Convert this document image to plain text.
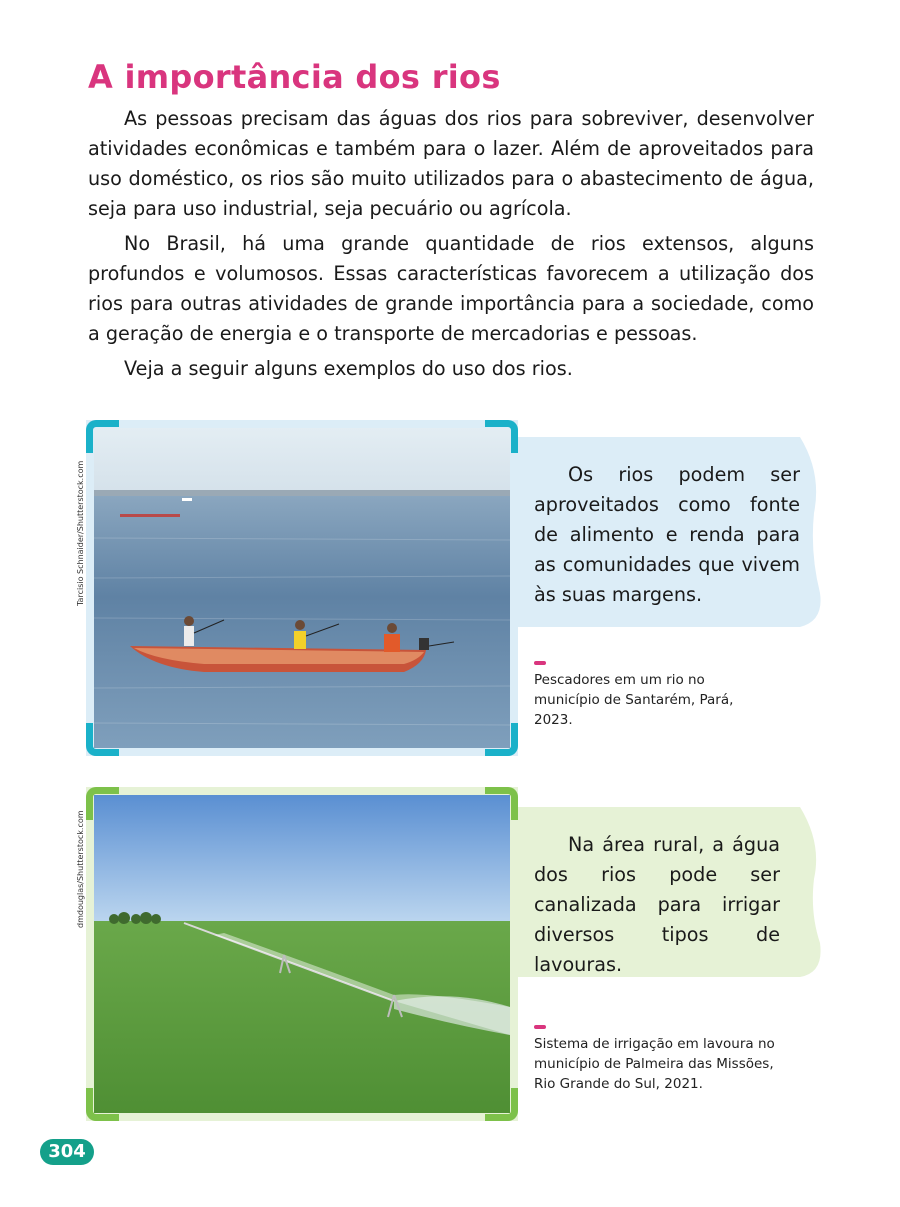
A importância dos rios

As pessoas precisam das águas dos rios para sobreviver, desenvolver atividades econômicas e também para o lazer. Além de aproveitados para uso doméstico, os rios são muito utilizados para o abastecimento de água, seja para uso industrial, seja pecuário ou agrícola.

No Brasil, há uma grande quantidade de rios extensos, alguns profundos e volumosos. Essas características favorecem a utilização dos rios para outras atividades de grande importância para a sociedade, como a geração de energia e o transporte de mercadorias e pessoas.

Veja a seguir alguns exemplos do uso dos rios.

Tarcisio Schnaider/Shutterstock.com	Os rios podem ser aproveitados como fonte de alimento e renda para as comunidades que vivem às suas margens.

Pescadores em um rio no município de Santarém, Pará, 2023.
dmdouglas/Shutterstock.com	Na área rural, a água dos rios pode ser canalizada para irrigar diversos tipos de lavouras.

Sistema de irrigação em lavoura no município de Palmeira das Missões, Rio Grande do Sul, 2021.
304
